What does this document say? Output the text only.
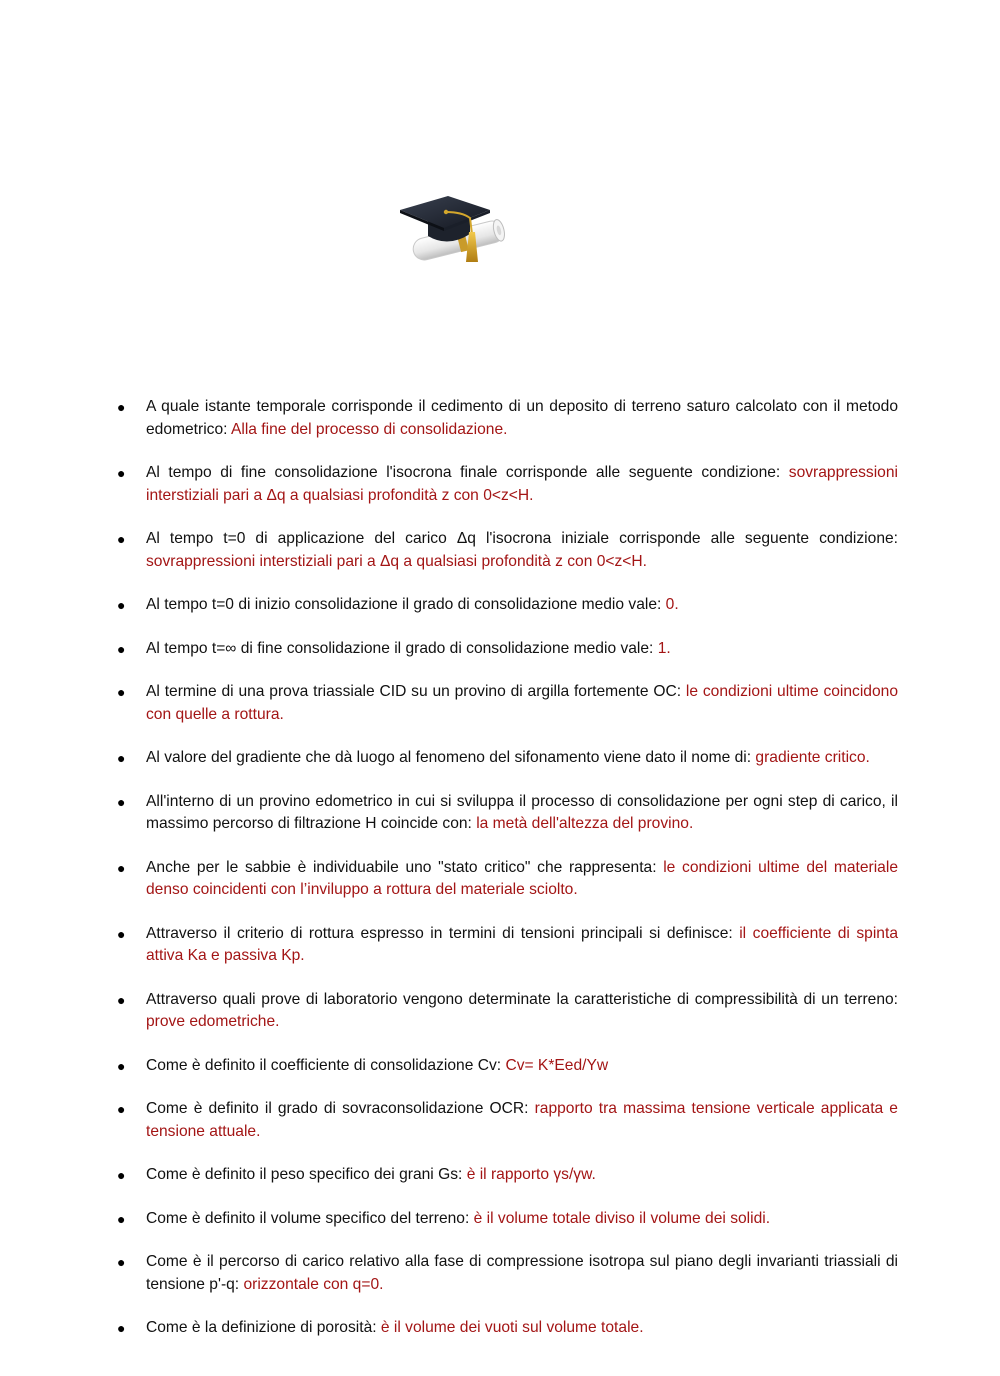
● A quale istante temporale corrisponde il cedimento di un deposito di terreno saturo calcolato con il metodo edometrico: Alla fine del processo di consolidazione.
● Al tempo di fine consolidazione l'isocrona finale corrisponde alle seguente condizione: sovrappressioni interstiziali pari a Δq a qualsiasi profondità z con 0<z<H.
● Al tempo t=0 di applicazione del carico Δq l'isocrona iniziale corrisponde alle seguente condizione: sovrappressioni interstiziali pari a Δq a qualsiasi profondità z con 0<z<H.
● Al tempo t=0 di inizio consolidazione il grado di consolidazione medio vale: 0.
● Al tempo t=∞ di fine consolidazione il grado di consolidazione medio vale: 1.
● Al termine di una prova triassiale CID su un provino di argilla fortemente OC: le condizioni ultime coincidono con quelle a rottura.
● Al valore del gradiente che dà luogo al fenomeno del sifonamento viene dato il nome di: gradiente critico.
● All'interno di un provino edometrico in cui si sviluppa il processo di consolidazione per ogni step di carico, il massimo percorso di filtrazione H coincide con: la metà dell'altezza del provino.
● Anche per le sabbie è individuabile uno "stato critico" che rappresenta: le condizioni ultime del materiale denso coincidenti con l’inviluppo a rottura del materiale sciolto.
● Attraverso il criterio di rottura espresso in termini di tensioni principali si definisce: il coefficiente di spinta attiva Ka e passiva Kp.
● Attraverso quali prove di laboratorio vengono determinate la caratteristiche di compressibilità di un terreno: prove edometriche.
● Come è definito il coefficiente di consolidazione Cv: Cv= K*Eed/Yw
● Come è definito il grado di sovraconsolidazione OCR: rapporto tra massima tensione verticale applicata e tensione attuale.
● Come è definito il peso specifico dei grani Gs: è il rapporto γs/γw.
● Come è definito il volume specifico del terreno: è il volume totale diviso il volume dei solidi.
● Come è il percorso di carico relativo alla fase di compressione isotropa sul piano degli invarianti triassiali di tensione p'-q: orizzontale con q=0.
● Come è la definizione di porosità: è il volume dei vuoti sul volume totale.
